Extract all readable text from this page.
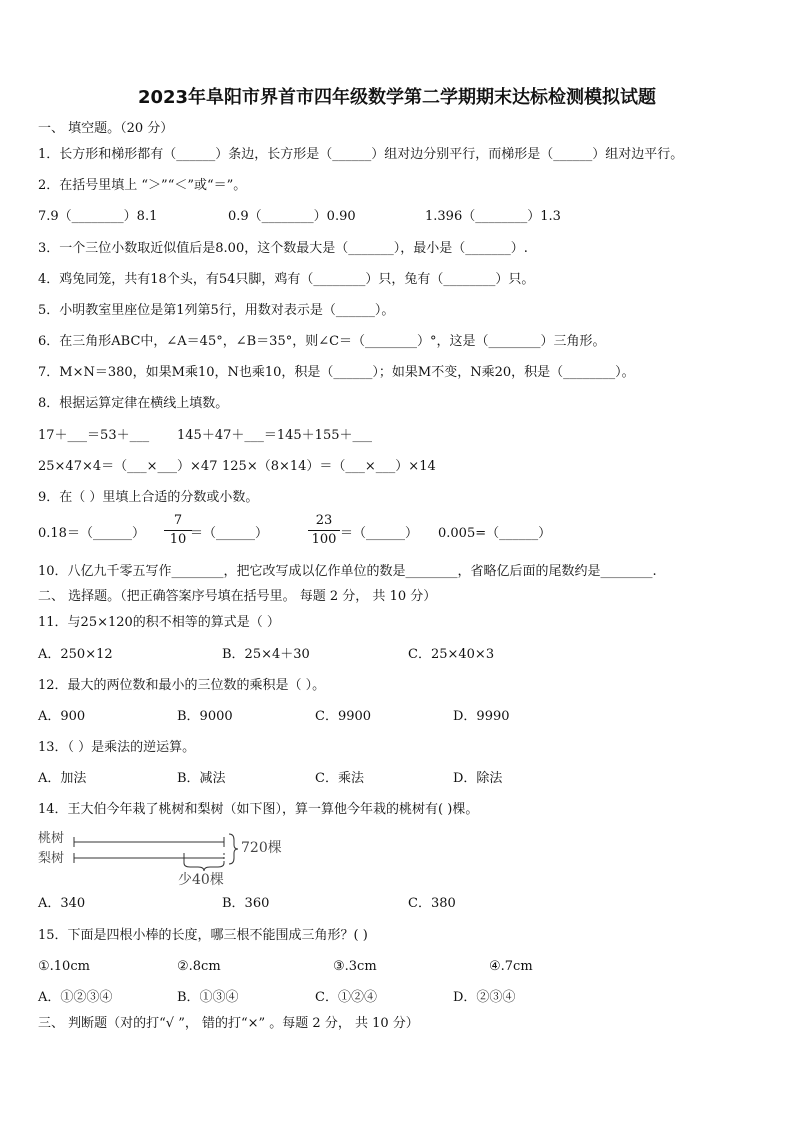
2023年阜阳市界首市四年级数学第二学期期末达标检测模拟试题
一、 填空题。（20 分）
1．长方形和梯形都有（______）条边，长方形是（______）组对边分别平行，而梯形是（______）组对边平行。
2．在括号里填上 “＞”“＜”或“＝”。
7.9（________）8.1	0.9（________）0.90	1.396（________）1.3
3．一个三位小数取近似值后是8.00，这个数最大是（_______），最小是（_______）.
4．鸡兔同笼，共有18个头，有54只脚，鸡有（________）只，兔有（________）只。
5．小明教室里座位是第1列第5行，用数对表示是（______）。
6．在三角形ABC中，∠A＝45°，∠B＝35°，则∠C＝（________）°，这是（________）三角形。
7．M×N＝380，如果M乘10，N也乘10，积是（______）；如果M不变，N乘20，积是（________）。
8．根据运算定律在横线上填数。
17＋___＝53＋___ 145＋47＋___＝145＋155＋___
25×47×4＝（___×___）×47 125×（8×14）＝（___×___）×14
9．在（ ）里填上合适的分数或小数。
0.18＝（______）
7
10 ＝（______）
23
100 ＝（______） 0.005=（______）
10．八亿九千零五写作________，把它改写成以亿作单位的数是________，省略亿后面的尾数约是________.
二、 选择题。（把正确答案序号填在括号里。 每题 2 分， 共 10 分）
11．与25×120的积不相等的算式是（ ）
A．250×12	B．25×4＋30	C．25×40×3
12．最大的两位数和最小的三位数的乘积是（ ）。
A．900	B．9000	C．9900	D．9990
13．（ ）是乘法的逆运算。
A．加法	B．减法	C．乘法	D．除法
14．王大伯今年栽了桃树和梨树（如下图），算一算他今年栽的桃树有( )棵。
桃树
梨树
720棵
少40棵
A．340	B．360	C．380
15．下面是四根小棒的长度，哪三根不能围成三角形？( )
①.10cm	②.8cm	③.3cm	④.7cm
A．①②③④	B．①③④	C．①②④	D．②③④
三、 判断题（对的打“√ ”， 错的打“×” 。每题 2 分， 共 10 分）
